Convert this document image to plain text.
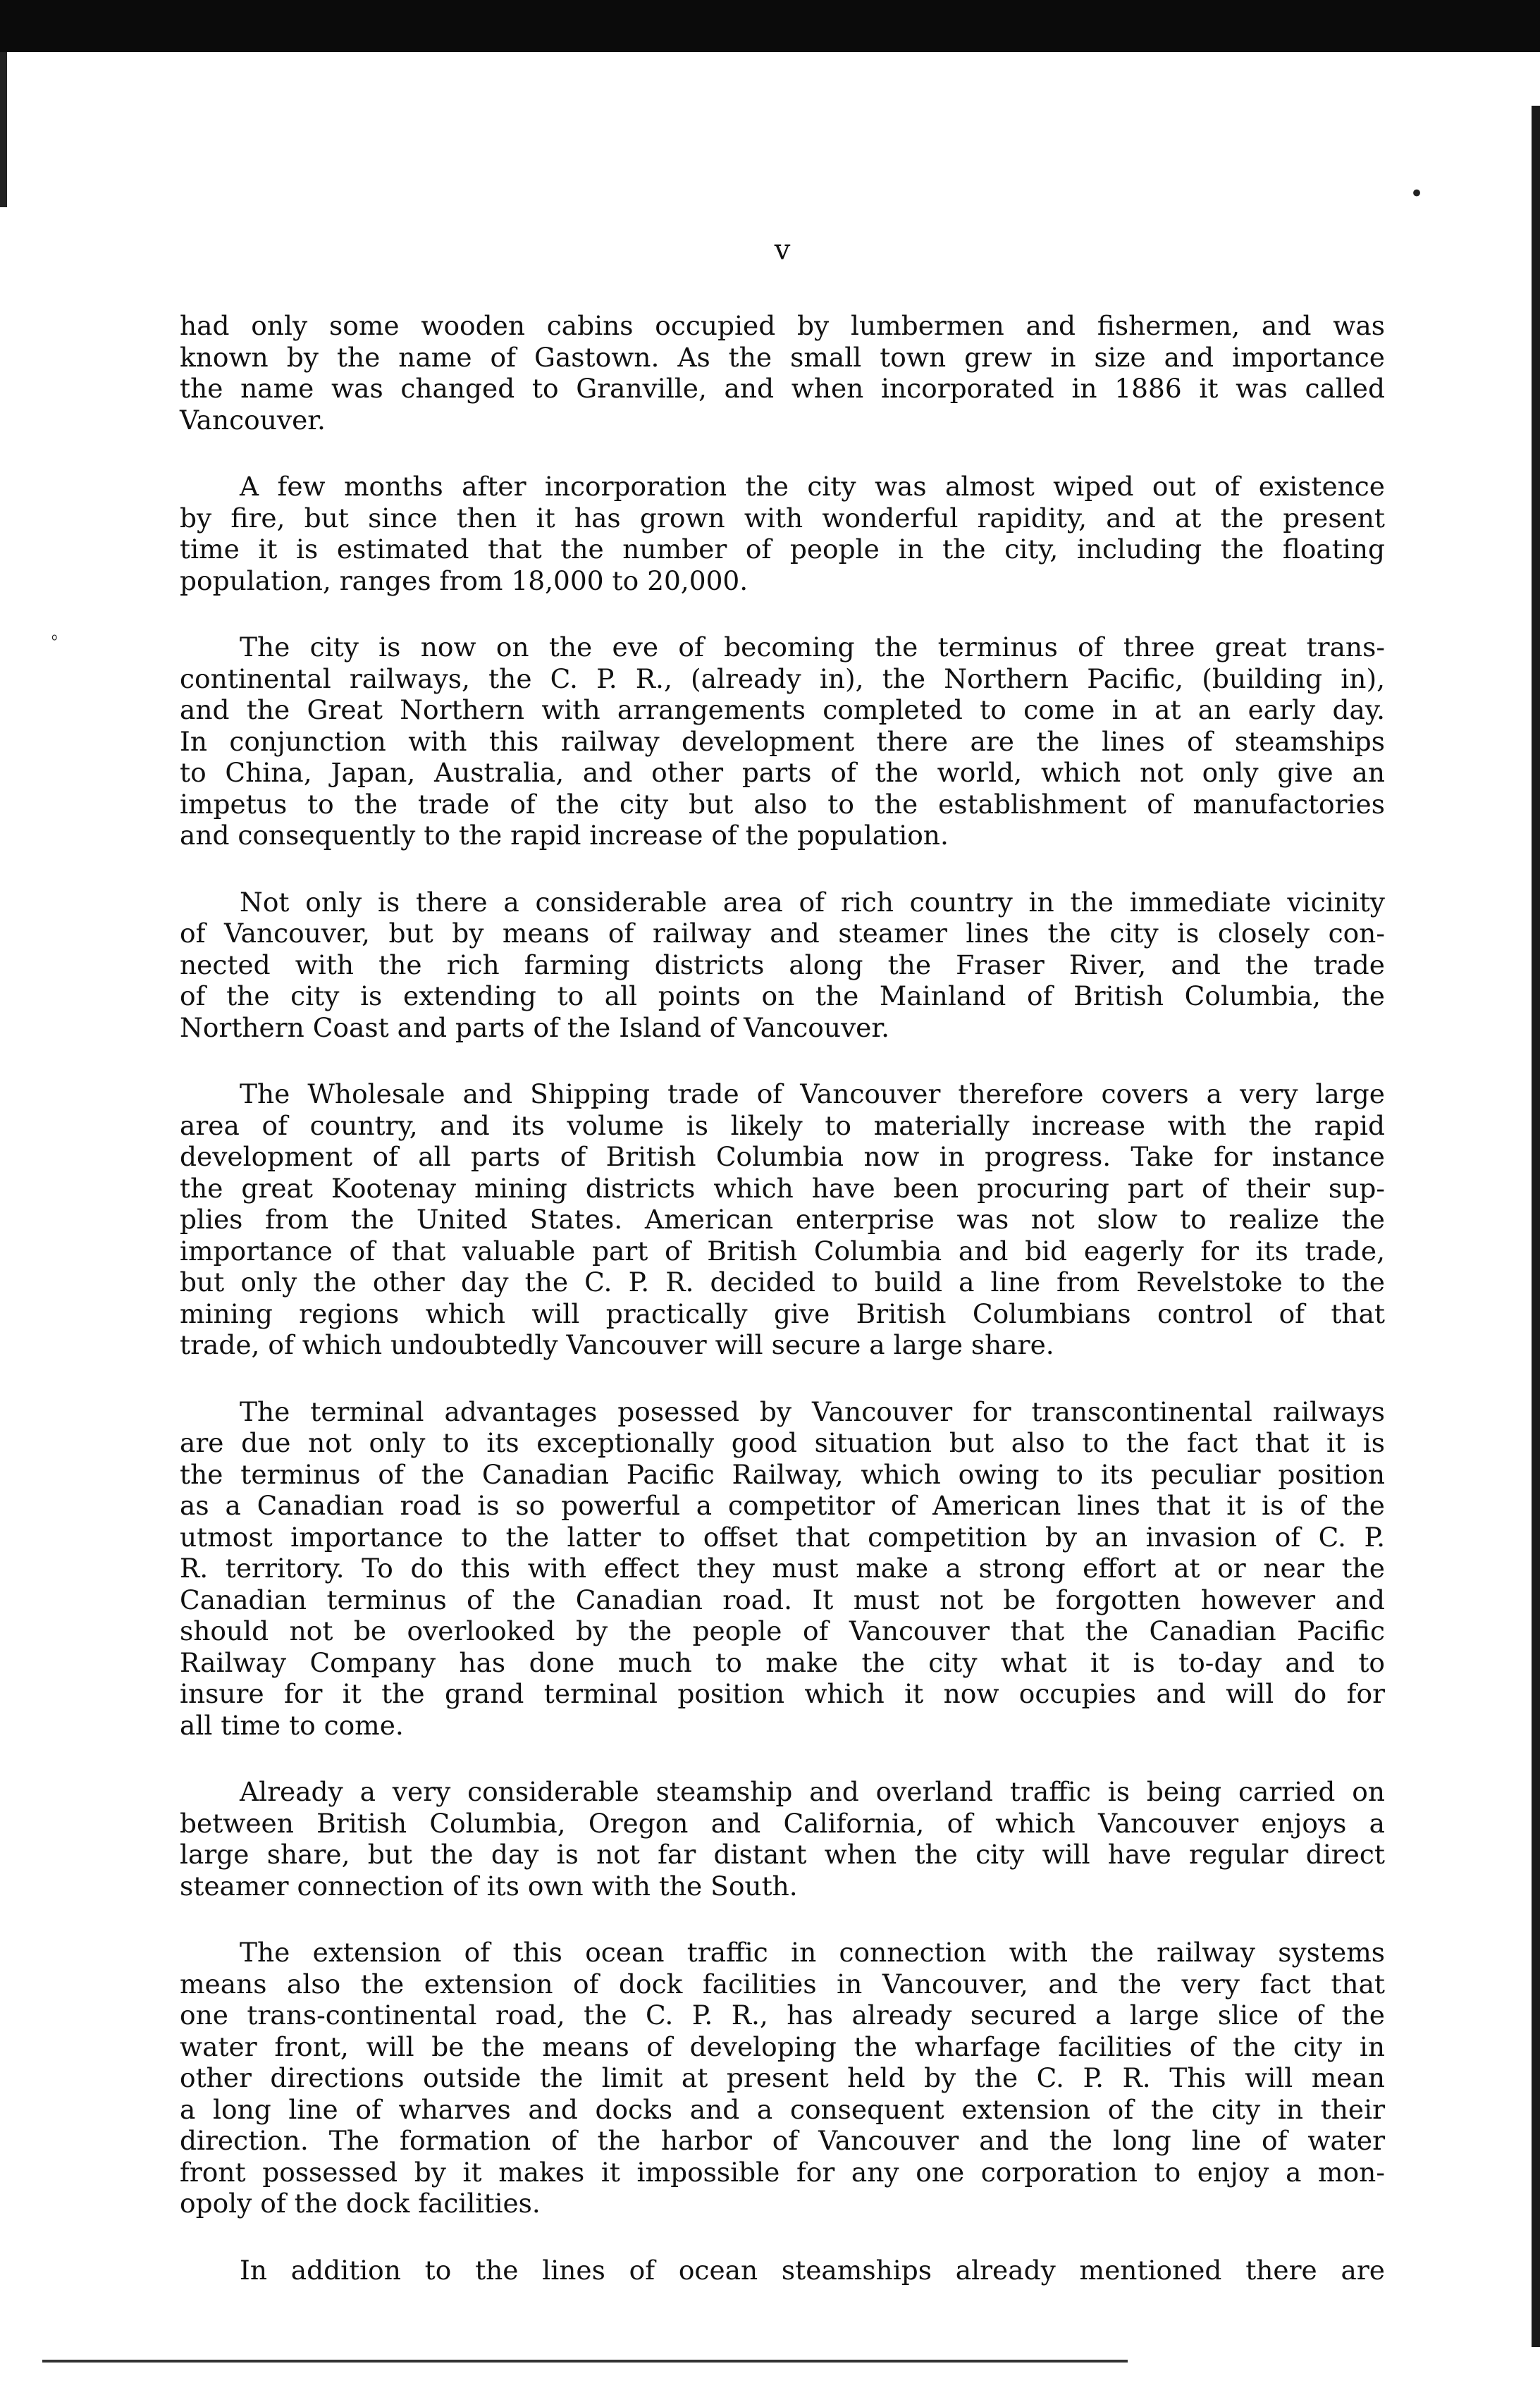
v

had only some wooden cabins occupied by lumbermen and fishermen, and was
known by the name of Gastown. As the small town grew in size and importance
the name was changed to Granville, and when incorporated in 1886 it was called
Vancouver.

A few months after incorporation the city was almost wiped out of existence
by fire, but since then it has grown with wonderful rapidity, and at the present
time it is estimated that the number of people in the city, including the floating
population, ranges from 18,000 to 20,000.

The city is now on the eve of becoming the terminus of three great trans-
continental railways, the C. P. R., (already in), the Northern Pacific, (building in),
and the Great Northern with arrangements completed to come in at an early day.
In conjunction with this railway development there are the lines of steamships
to China, Japan, Australia, and other parts of the world, which not only give an
impetus to the trade of the city but also to the establishment of manufactories
and consequently to the rapid increase of the population.

Not only is there a considerable area of rich country in the immediate vicinity
of Vancouver, but by means of railway and steamer lines the city is closely con-
nected with the rich farming districts along the Fraser River, and the trade
of the city is extending to all points on the Mainland of British Columbia, the
Northern Coast and parts of the Island of Vancouver.

The Wholesale and Shipping trade of Vancouver therefore covers a very large
area of country, and its volume is likely to materially increase with the rapid
development of all parts of British Columbia now in progress. Take for instance
the great Kootenay mining districts which have been procuring part of their sup-
plies from the United States. American enterprise was not slow to realize the
importance of that valuable part of British Columbia and bid eagerly for its trade,
but only the other day the C. P. R. decided to build a line from Revelstoke to the
mining regions which will practically give British Columbians control of that
trade, of which undoubtedly Vancouver will secure a large share.

The terminal advantages posessed by Vancouver for transcontinental railways
are due not only to its exceptionally good situation but also to the fact that it is
the terminus of the Canadian Pacific Railway, which owing to its peculiar position
as a Canadian road is so powerful a competitor of American lines that it is of the
utmost importance to the latter to offset that competition by an invasion of C. P.
R. territory. To do this with effect they must make a strong effort at or near the
Canadian terminus of the Canadian road. It must not be forgotten however and
should not be overlooked by the people of Vancouver that the Canadian Pacific
Railway Company has done much to make the city what it is to-day and to
insure for it the grand terminal position which it now occupies and will do for
all time to come.

Already a very considerable steamship and overland traffic is being carried on
between British Columbia, Oregon and California, of which Vancouver enjoys a
large share, but the day is not far distant when the city will have regular direct
steamer connection of its own with the South.

The extension of this ocean traffic in connection with the railway systems
means also the extension of dock facilities in Vancouver, and the very fact that
one trans-continental road, the C. P. R., has already secured a large slice of the
water front, will be the means of developing the wharfage facilities of the city in
other directions outside the limit at present held by the C. P. R. This will mean
a long line of wharves and docks and a consequent extension of the city in their
direction. The formation of the harbor of Vancouver and the long line of water
front possessed by it makes it impossible for any one corporation to enjoy a mon-
opoly of the dock facilities.

In addition to the lines of ocean steamships already mentioned there are

ﾟ
•
